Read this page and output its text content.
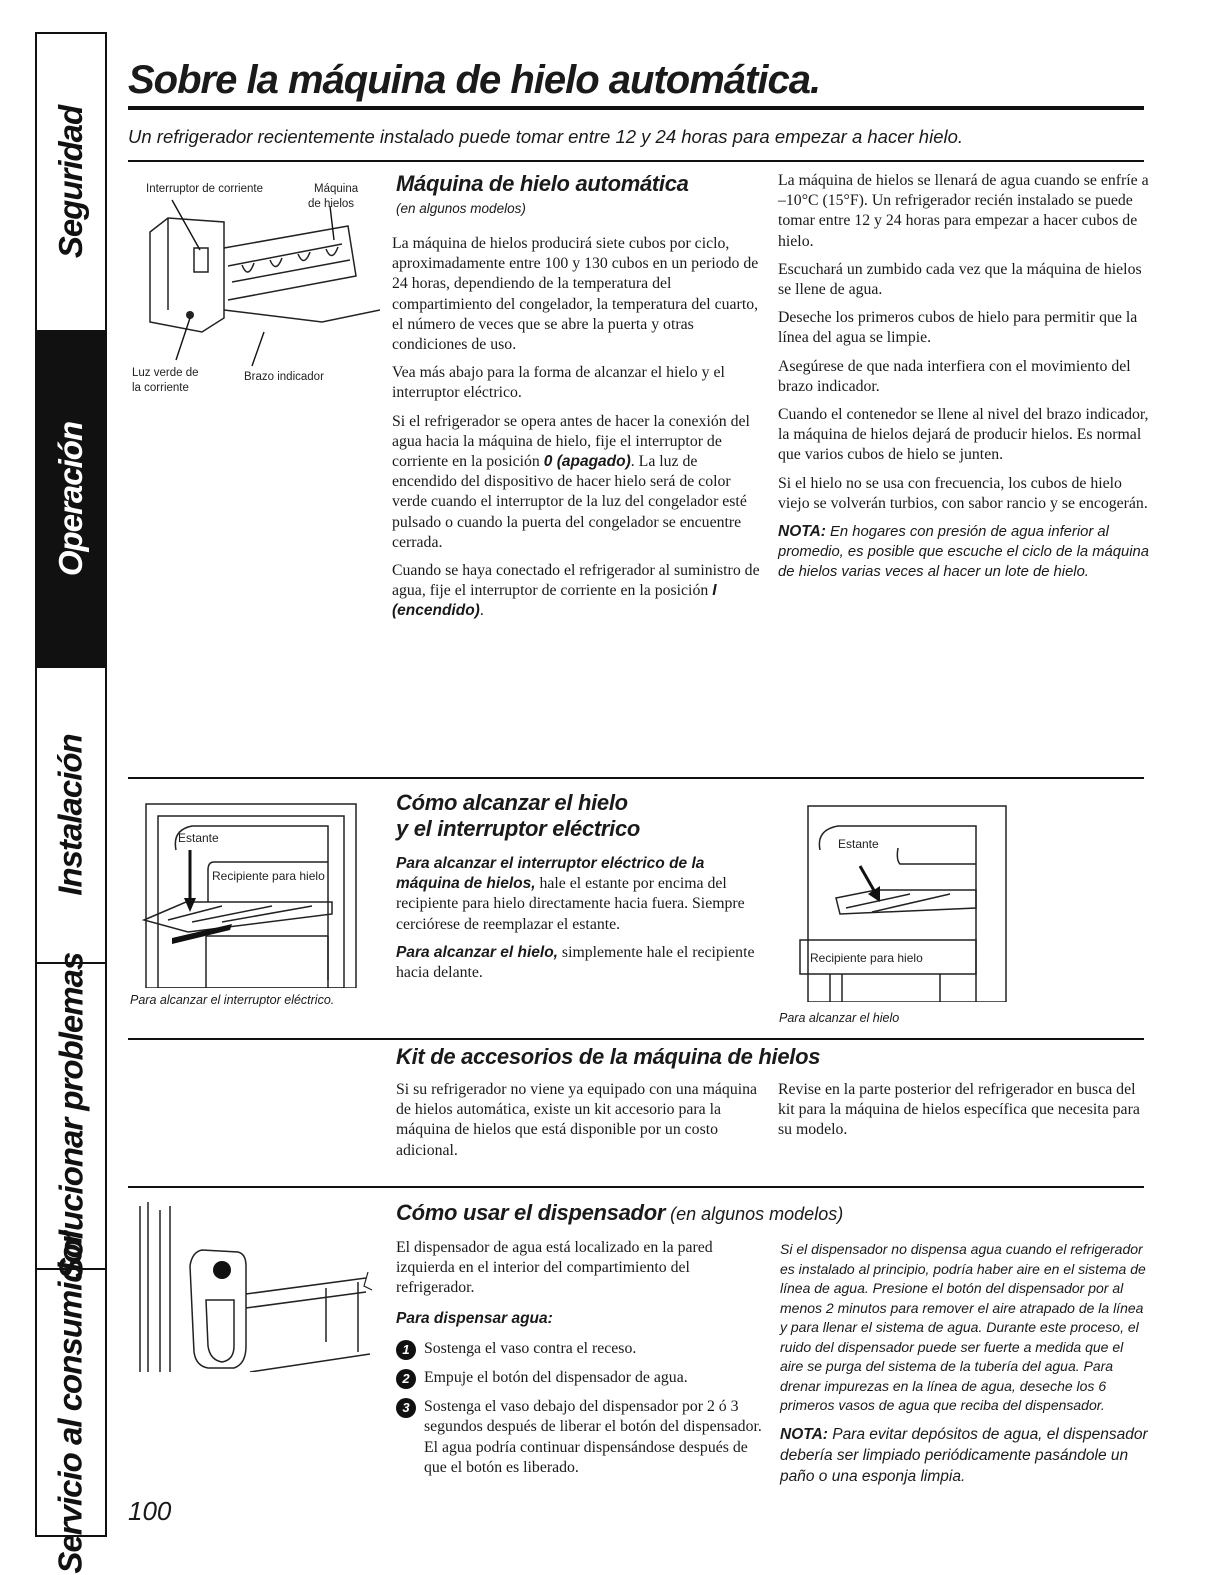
Seguridad
Operación
Instalación
Solucionar problemas
Servicio al consumidor
Sobre la máquina de hielo automática.
Un refrigerador recientemente instalado puede tomar entre 12 y 24 horas para empezar a hacer hielo.
Interruptor de corriente	Máquina
de hielos
Luz verde de
la corriente
Brazo indicador
Máquina de hielo automática
(en algunos modelos)

La máquina de hielos producirá siete cubos por ciclo, aproximadamente entre 100 y 130 cubos en un periodo de 24 horas, dependiendo de la temperatura del compartimiento del congelador, la temperatura del cuarto, el número de veces que se abre la puerta y otras condiciones de uso.

Vea más abajo para la forma de alcanzar el hielo y el interruptor eléctrico.

Si el refrigerador se opera antes de hacer la conexión del agua hacia la máquina de hielo, fije el interruptor de corriente en la posición 0 (apagado). La luz de encendido del dispositivo de hacer hielo será de color verde cuando el interruptor de la luz del congelador esté pulsado o cuando la puerta del congelador se encuentre cerrada.

Cuando se haya conectado el refrigerador al suministro de agua, fije el interruptor de corriente en la posición I (encendido).

La máquina de hielos se llenará de agua cuando se enfríe a –10°C (15°F). Un refrigerador recién instalado se puede tomar entre 12 y 24 horas para empezar a hacer cubos de hielo.

Escuchará un zumbido cada vez que la máquina de hielos se llene de agua.

Deseche los primeros cubos de hielo para permitir que la línea del agua se limpie.

Asegúrese de que nada interfiera con el movimiento del brazo indicador.

Cuando el contenedor se llene al nivel del brazo indicador, la máquina de hielos dejará de producir hielos. Es normal que varios cubos de hielo se junten.

Si el hielo no se usa con frecuencia, los cubos de hielo viejo se volverán turbios, con sabor rancio y se encogerán.

NOTA: En hogares con presión de agua inferior al promedio, es posible que escuche el ciclo de la máquina de hielos varias veces al hacer un lote de hielo.

Estante
Recipiente para hielo
Para alcanzar el interruptor eléctrico.
Cómo alcanzar el hielo
y el interruptor eléctrico

Para alcanzar el interruptor eléctrico de la máquina de hielos, hale el estante por encima del recipiente para hielo directamente hacia fuera. Siempre cerciórese de reemplazar el estante.

Para alcanzar el hielo, simplemente hale el recipiente hacia delante.

Estante
Recipiente para hielo
Para alcanzar el hielo
Kit de accesorios de la máquina de hielos
Si su refrigerador no viene ya equipado con una máquina de hielos automática, existe un kit accesorio para la máquina de hielos que está disponible por un costo adicional.
Revise en la parte posterior del refrigerador en busca del kit para la máquina de hielos específica que necesita para su modelo.
Cómo usar el dispensador (en algunos modelos)

El dispensador de agua está localizado en la pared izquierda en el interior del compartimiento del refrigerador.

Para dispensar agua:

1 Sostenga el vaso contra el receso.
2 Empuje el botón del dispensador de agua.
3 Sostenga el vaso debajo del dispensador por 2 ó 3 segundos después de liberar el botón del dispensador. El agua podría continuar dispensándose después de que el botón es liberado.

Si el dispensador no dispensa agua cuando el refrigerador es instalado al principio, podría haber aire en el sistema de línea de agua. Presione el botón del dispensador por al menos 2 minutos para remover el aire atrapado de la línea y para llenar el sistema de agua. Durante este proceso, el ruido del dispensador puede ser fuerte a medida que el aire se purga del sistema de la tubería del agua. Para drenar impurezas en la línea de agua, deseche los 6 primeros vasos de agua que reciba del dispensador.

NOTA: Para evitar depósitos de agua, el dispensador debería ser limpiado periódicamente pasándole un paño o una esponja limpia.

100
